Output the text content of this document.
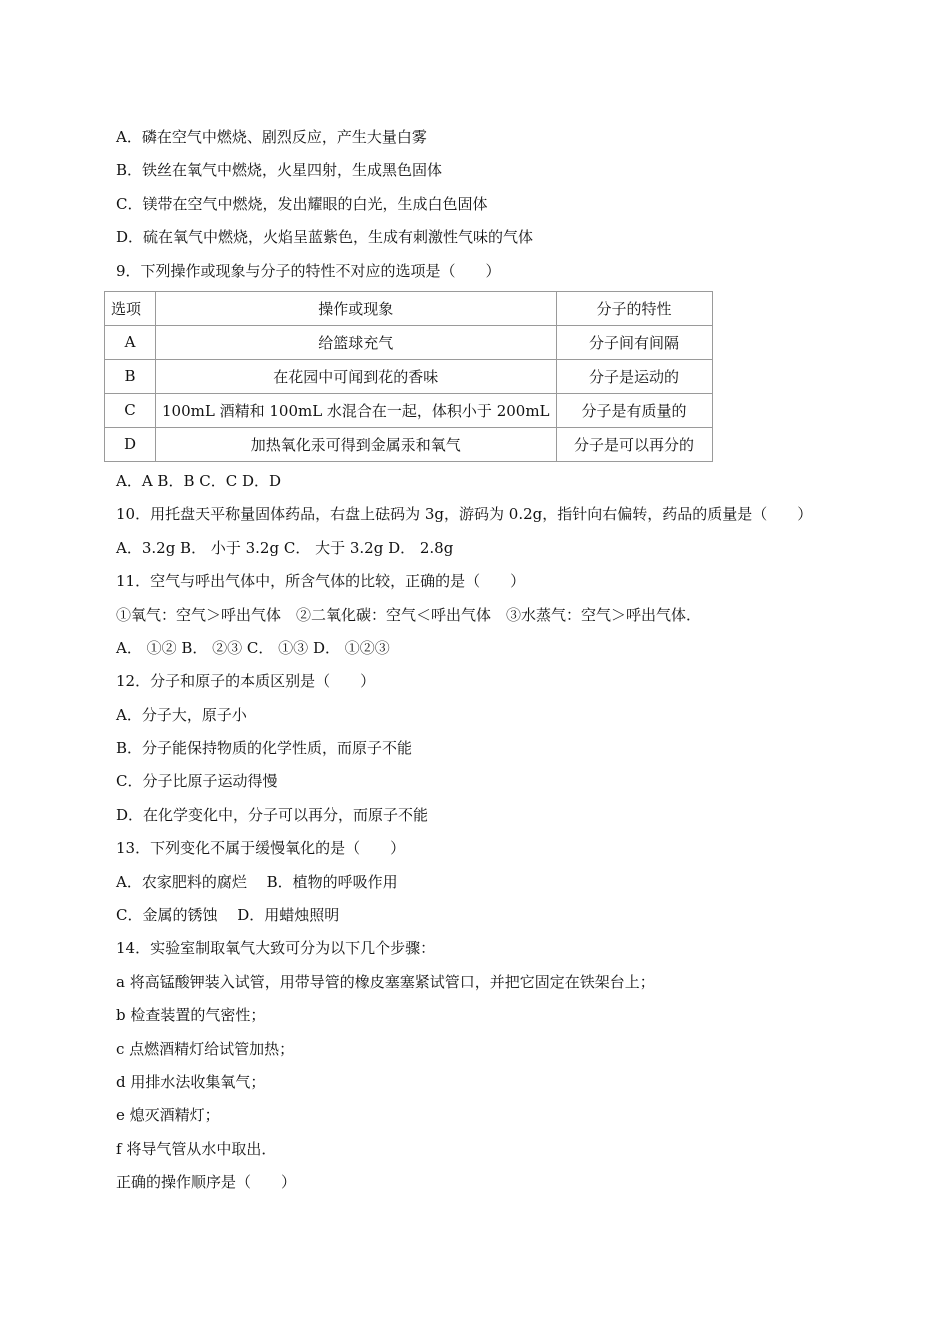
A．磷在空气中燃烧、剧烈反应，产生大量白雾
B．铁丝在氧气中燃烧，火星四射，生成黑色固体
C．镁带在空气中燃烧，发出耀眼的白光，生成白色固体
D．硫在氧气中燃烧，火焰呈蓝紫色，生成有刺激性气味的气体
9．下列操作或现象与分子的特性不对应的选项是（　　）
选项	操作或现象	分子的特性
A	给篮球充气	分子间有间隔
B	在花园中可闻到花的香味	分子是运动的
C	100mL 酒精和 100mL 水混合在一起，体积小于 200mL	分子是有质量的
D	加热氧化汞可得到金属汞和氧气	分子是可以再分的
A．A B．B C．C D．D
10．用托盘天平称量固体药品，右盘上砝码为 3g，游码为 0.2g，指针向右偏转，药品的质量是（　　）
A．3.2g B． 小于 3.2g C． 大于 3.2g D． 2.8g
11．空气与呼出气体中，所含气体的比较，正确的是（　　）
①氧气：空气＞呼出气体　②二氧化碳：空气＜呼出气体　③水蒸气：空气＞呼出气体．
A． ①② B． ②③ C． ①③ D． ①②③
12．分子和原子的本质区别是（　　）
A．分子大，原子小
B．分子能保持物质的化学性质，而原子不能
C．分子比原子运动得慢
D．在化学变化中，分子可以再分，而原子不能
13．下列变化不属于缓慢氧化的是（　　）
A．农家肥料的腐烂　 B．植物的呼吸作用
C．金属的锈蚀　 D．用蜡烛照明
14．实验室制取氧气大致可分为以下几个步骤：
a 将高锰酸钾装入试管，用带导管的橡皮塞塞紧试管口，并把它固定在铁架台上；
b 检查装置的气密性；
c 点燃酒精灯给试管加热；
d 用排水法收集氧气；
e 熄灭酒精灯；
f 将导气管从水中取出．
正确的操作顺序是（　　）
